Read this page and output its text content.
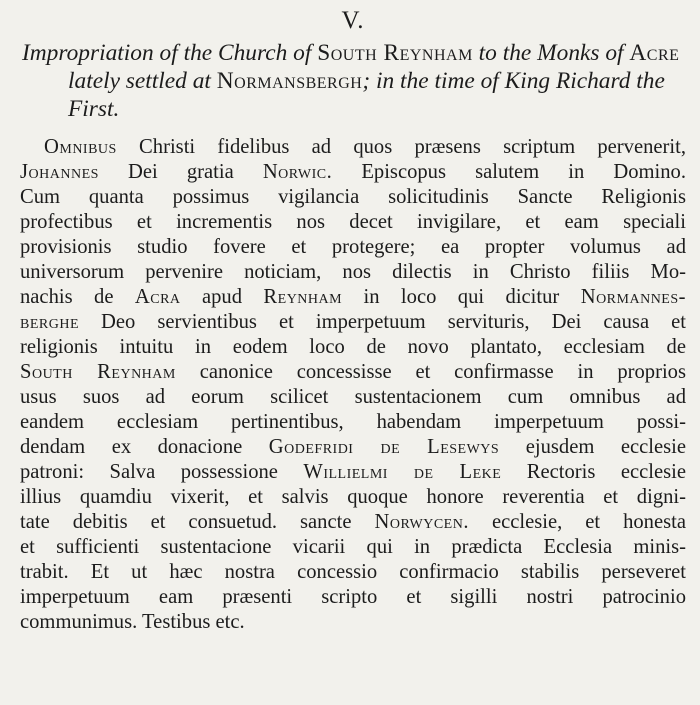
V.
Impropriation of the Church of South Reynham to the Monks of Acre lately settled at Normansbergh; in the time of King Richard the First.
Omnibus Christi fidelibus ad quos præsens scriptum pervenerit,
Johannes Dei gratia Norwic. Episcopus salutem in Domino.
Cum quanta possimus vigilancia solicitudinis Sancte Religionis
profectibus et incrementis nos decet invigilare, et eam speciali
provisionis studio fovere et protegere; ea propter volumus ad
universorum pervenire noticiam, nos dilectis in Christo filiis Mo-
nachis de Acra apud Reynham in loco qui dicitur Normannes-
berghe Deo servientibus et imperpetuum servituris, Dei causa et
religionis intuitu in eodem loco de novo plantato, ecclesiam de
South Reynham canonice concessisse et confirmasse in proprios
usus suos ad eorum scilicet sustentacionem cum omnibus ad
eandem ecclesiam pertinentibus, habendam imperpetuum possi-
dendam ex donacione Godefridi de Lesewys ejusdem ecclesie
patroni: Salva possessione Willielmi de Leke Rectoris ecclesie
illius quamdiu vixerit, et salvis quoque honore reverentia et digni-
tate debitis et consuetud. sancte Norwycen. ecclesie, et honesta
et sufficienti sustentacione vicarii qui in prædicta Ecclesia minis-
trabit. Et ut hæc nostra concessio confirmacio stabilis perseveret
imperpetuum eam præsenti scripto et sigilli nostri patrocinio
communimus. Testibus etc.
